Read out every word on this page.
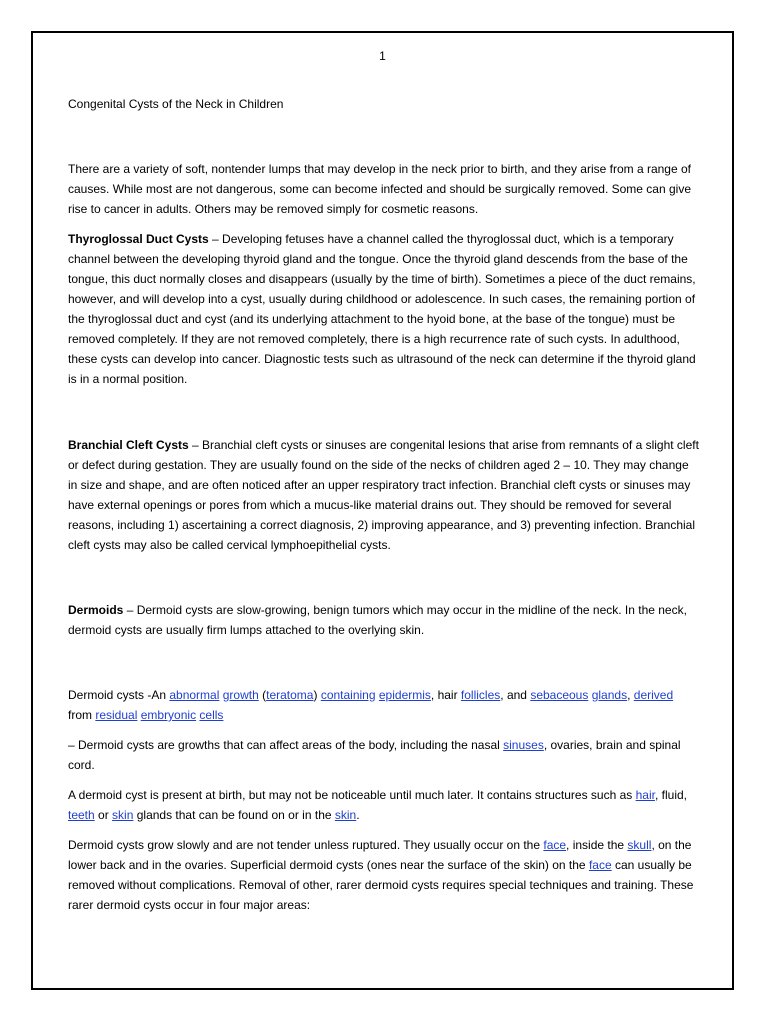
1

Congenital Cysts of the Neck in Children

There are a variety of soft, nontender lumps that may develop in the neck prior to birth, and they arise from a range of causes. While most are not dangerous, some can become infected and should be surgically removed. Some can give rise to cancer in adults. Others may be removed simply for cosmetic reasons.

Thyroglossal Duct Cysts – Developing fetuses have a channel called the thyroglossal duct, which is a temporary channel between the developing thyroid gland and the tongue. Once the thyroid gland descends from the base of the tongue, this duct normally closes and disappears (usually by the time of birth). Sometimes a piece of the duct remains, however, and will develop into a cyst, usually during childhood or adolescence. In such cases, the remaining portion of the thyroglossal duct and cyst (and its underlying attachment to the hyoid bone, at the base of the tongue) must be removed completely. If they are not removed completely, there is a high recurrence rate of such cysts. In adulthood, these cysts can develop into cancer. Diagnostic tests such as ultrasound of the neck can determine if the thyroid gland is in a normal position.

Branchial Cleft Cysts – Branchial cleft cysts or sinuses are congenital lesions that arise from remnants of a slight cleft or defect during gestation. They are usually found on the side of the necks of children aged 2 – 10. They may change in size and shape, and are often noticed after an upper respiratory tract infection. Branchial cleft cysts or sinuses may have external openings or pores from which a mucus-like material drains out. They should be removed for several reasons, including 1) ascertaining a correct diagnosis, 2) improving appearance, and 3) preventing infection. Branchial cleft cysts may also be called cervical lymphoepithelial cysts.

Dermoids – Dermoid cysts are slow-growing, benign tumors which may occur in the midline of the neck. In the neck, dermoid cysts are usually firm lumps attached to the overlying skin.

Dermoid cysts -An abnormal growth (teratoma) containing epidermis, hair follicles, and sebaceous glands, derived from residual embryonic cells

– Dermoid cysts are growths that can affect areas of the body, including the nasal sinuses, ovaries, brain and spinal cord.

A dermoid cyst is present at birth, but may not be noticeable until much later. It contains structures such as hair, fluid, teeth or skin glands that can be found on or in the skin.

Dermoid cysts grow slowly and are not tender unless ruptured. They usually occur on the face, inside the skull, on the lower back and in the ovaries. Superficial dermoid cysts (ones near the surface of the skin) on the face can usually be removed without complications. Removal of other, rarer dermoid cysts requires special techniques and training. These rarer dermoid cysts occur in four major areas:
